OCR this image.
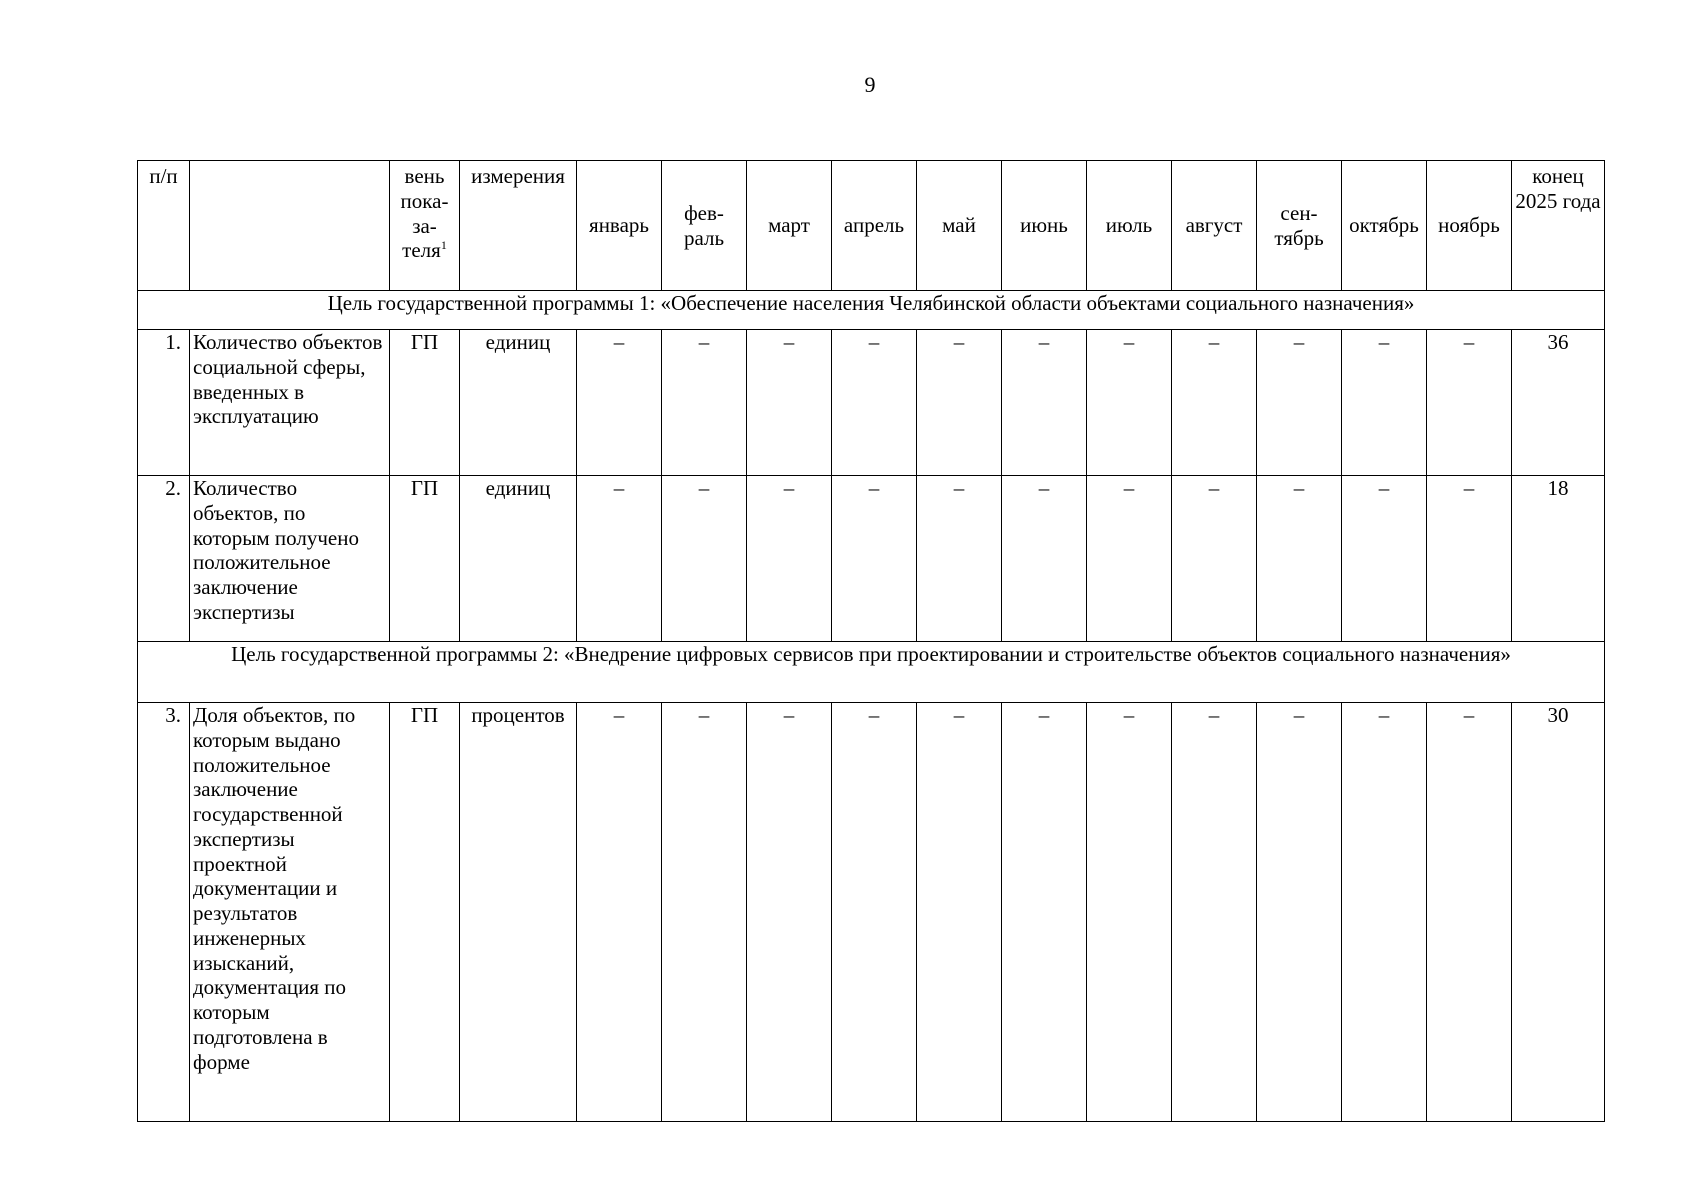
9
п/п		вень пока-за-теля$^1$	измерения	январь	фев-раль	март	апрель	май	июнь	июль	август	сен-тябрь	октябрь	ноябрь	конец 2025 года
Цель государственной программы 1: «Обеспечение населения Челябинской области объектами социального назначения»															
1.	Количество объектов социальной сферы, введенных в эксплуатацию	ГП	единиц	–	–	–	–	–	–	–	–	–	–	–	36
2.	Количество объектов, по которым получено положительное заключение экспертизы	ГП	единиц	–	–	–	–	–	–	–	–	–	–	–	18
Цель государственной программы 2: «Внедрение цифровых сервисов при проектировании и строительстве объектов социального назначения»															
3.	Доля объектов, по которым выдано положительное заключение государственной экспертизы проектной документации и результатов инженерных изысканий, документация по которым подготовлена в форме	ГП	процентов	–	–	–	–	–	–	–	–	–	–	–	30
